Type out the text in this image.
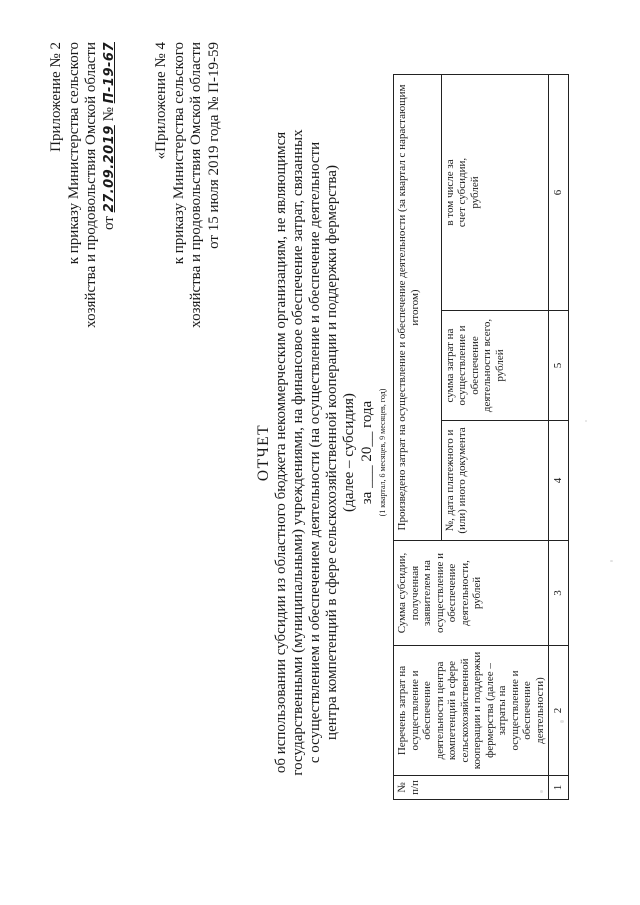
Приложение № 2 к приказу Министерства сельского хозяйства и продовольствия Омской области от 27.09.2019 № П-19-67 «Приложение № 4 к приказу Министерства сельского хозяйства и продовольствия Омской области от 15 июля 2019 года № П-19-59
ОТЧЕТ об использовании субсидии из областного бюджета некоммерческим организациям, не являющимся государственными (муниципальными) учреждениями, на финансовое обеспечение затрат, связанных с осуществлением и обеспечением деятельности (на осуществление и обеспечение деятельности центра компетенций в сфере сельскохозяйственной кооперации и поддержки фермерства) (далее – субсидия) за ___ 20__ года (1 квартал, 6 месяцев, 9 месяцев, год)
№ п/п	Перечень затрат на осуществление и обеспечение деятельности центра компетенций в сфере сельскохозяйственной кооперации и поддержки фермерства (далее – затраты на осуществление и обеспечение деятельности)	Сумма субсидии, полученная заявителем на осуществление и обеспечение деятельности, рублей	Произведено затрат на осуществление и обеспечение деятельности (за квартал с нарастающим итогом)		
			№, дата платежного и (или) иного документа	сумма затрат на осуществление и обеспечение деятельности всего, рублей	в том числе за счет субсидии, рублей

1	2	3	4	5	6
